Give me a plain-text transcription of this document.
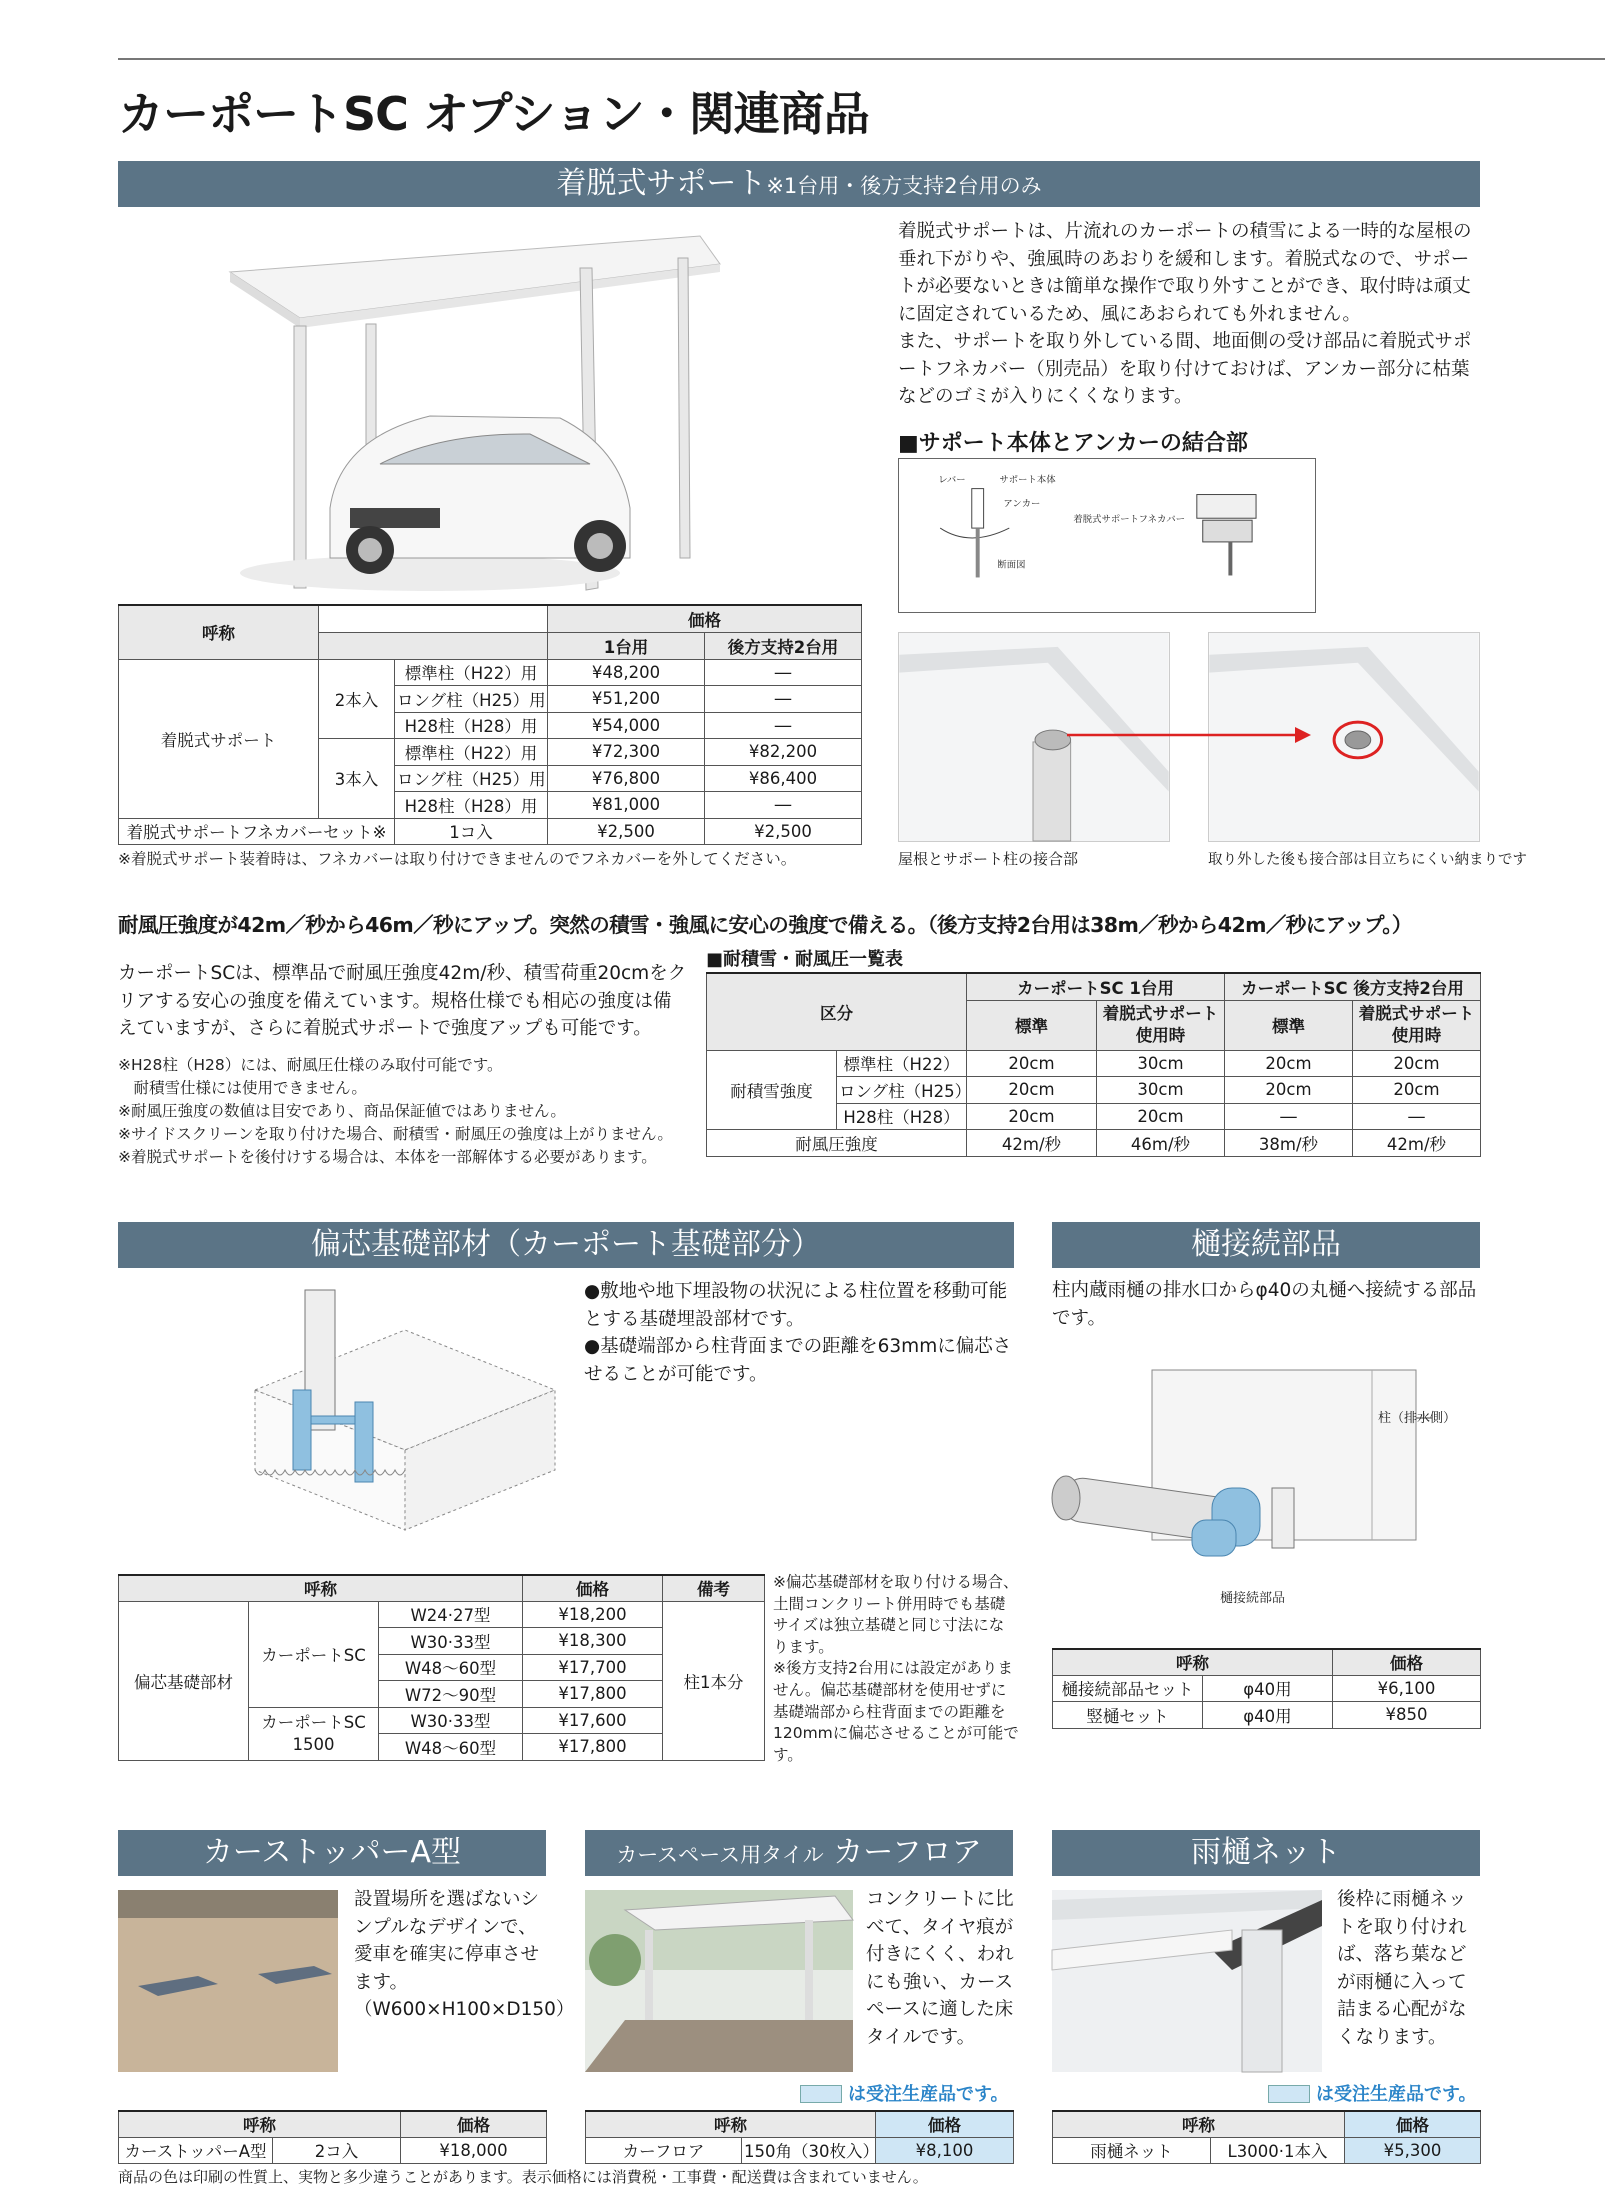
カーポートSC オプション・関連商品
着脱式サポート※1台用・後方支持2台用のみ
着脱式サポートは、片流れのカーポートの積雪による一時的な屋根の垂れ下がりや、強風時のあおりを緩和します。着脱式なので、サポートが必要ないときは簡単な操作で取り外すことができ、取付時は頑丈に固定されているため、風にあおられても外れません。
また、サポートを取り外している間、地面側の受け部品に着脱式サポートフネカバー（別売品）を取り付けておけば、アンカー部分に枯葉などのゴミが入りにくくなります。
■サポート本体とアンカーの結合部
レバー	サポート本体
アンカー
断面図
着脱式サポートフネカバー
屋根とサポート柱の接合部	取り外した後も接合部は目立ちにくい納まりです
呼称			価格	
			1台用	後方支持2台用
着脱式サポート	2本入	標準柱（H22）用	¥48,200	―
		ロング柱（H25）用	¥51,200	―
		H28柱（H28）用	¥54,000	―
	3本入	標準柱（H22）用	¥72,300	¥82,200
		ロング柱（H25）用	¥76,800	¥86,400
		H28柱（H28）用	¥81,000	―
着脱式サポートフネカバーセット※		1コ入	¥2,500	¥2,500
※着脱式サポート装着時は、フネカバーは取り付けできませんのでフネカバーを外してください。
耐風圧強度が42m／秒から46m／秒にアップ。突然の積雪・強風に安心の強度で備える。（後方支持2台用は38m／秒から42m／秒にアップ。）
カーポートSCは、標準品で耐風圧強度42m/秒、積雪荷重20cmをクリアする安心の強度を備えています。規格仕様でも相応の強度は備えていますが、さらに着脱式サポートで強度アップも可能です。
※H28柱（H28）には、耐風圧仕様のみ取付可能です。
　耐積雪仕様には使用できません。
※耐風圧強度の数値は目安であり、商品保証値ではありません。
※サイドスクリーンを取り付けた場合、耐積雪・耐風圧の強度は上がりません。
※着脱式サポートを後付けする場合は、本体を一部解体する必要があります。
■耐積雪・耐風圧一覧表
区分		カーポートSC 1台用		カーポートSC 後方支持2台用	
		標準	着脱式サポート使用時	標準	着脱式サポート使用時
耐積雪強度	標準柱（H22）	20cm	30cm	20cm	20cm
	ロング柱（H25）	20cm	30cm	20cm	20cm
	H28柱（H28）	20cm	20cm	―	―
耐風圧強度		42m/秒	46m/秒	38m/秒	42m/秒
偏芯基礎部材（カーポート基礎部分）
●敷地や地下埋設物の状況による柱位置を移動可能とする基礎埋設部材です。
●基礎端部から柱背面までの距離を63mmに偏芯させることが可能です。
呼称			価格	備考
偏芯基礎部材	カーポートSC	W24·27型	¥18,200	柱1本分
		W30·33型	¥18,300	
		W48〜60型	¥17,700	
		W72〜90型	¥17,800	
	カーポートSC
1500	W30·33型	¥17,600	
		W48〜60型	¥17,800	
※偏芯基礎部材を取り付ける場合、土間コンクリート併用時でも基礎サイズは独立基礎と同じ寸法になります。
※後方支持2台用には設定がありません。偏芯基礎部材を使用せずに基礎端部から柱背面までの距離を120mmに偏芯させることが可能です。
樋接続部品
柱内蔵雨樋の排水口からφ40の丸樋へ接続する部品です。
柱（排水側）
樋接続部品
呼称		価格
樋接続部品セット	φ40用	¥6,100
竪樋セット	φ40用	¥850
カーストッパーA型
設置場所を選ばないシンプルなデザインで、愛車を確実に停車させます。
（W600×H100×D150）
呼称		価格
カーストッパーA型	2コ入	¥18,000
カースペース用タイル カーフロア
コンクリートに比べて、タイヤ痕が付きにくく、われにも強い、カースペースに適した床タイルです。
は受注生産品です。
呼称		価格
カーフロア	150角（30枚入）	¥8,100
雨樋ネット
後枠に雨樋ネットを取り付ければ、落ち葉などが雨樋に入って詰まる心配がなくなります。
は受注生産品です。
呼称		価格
雨樋ネット	L3000·1本入	¥5,300
商品の色は印刷の性質上、実物と多少違うことがあります。表示価格には消費税・工事費・配送費は含まれていません。
